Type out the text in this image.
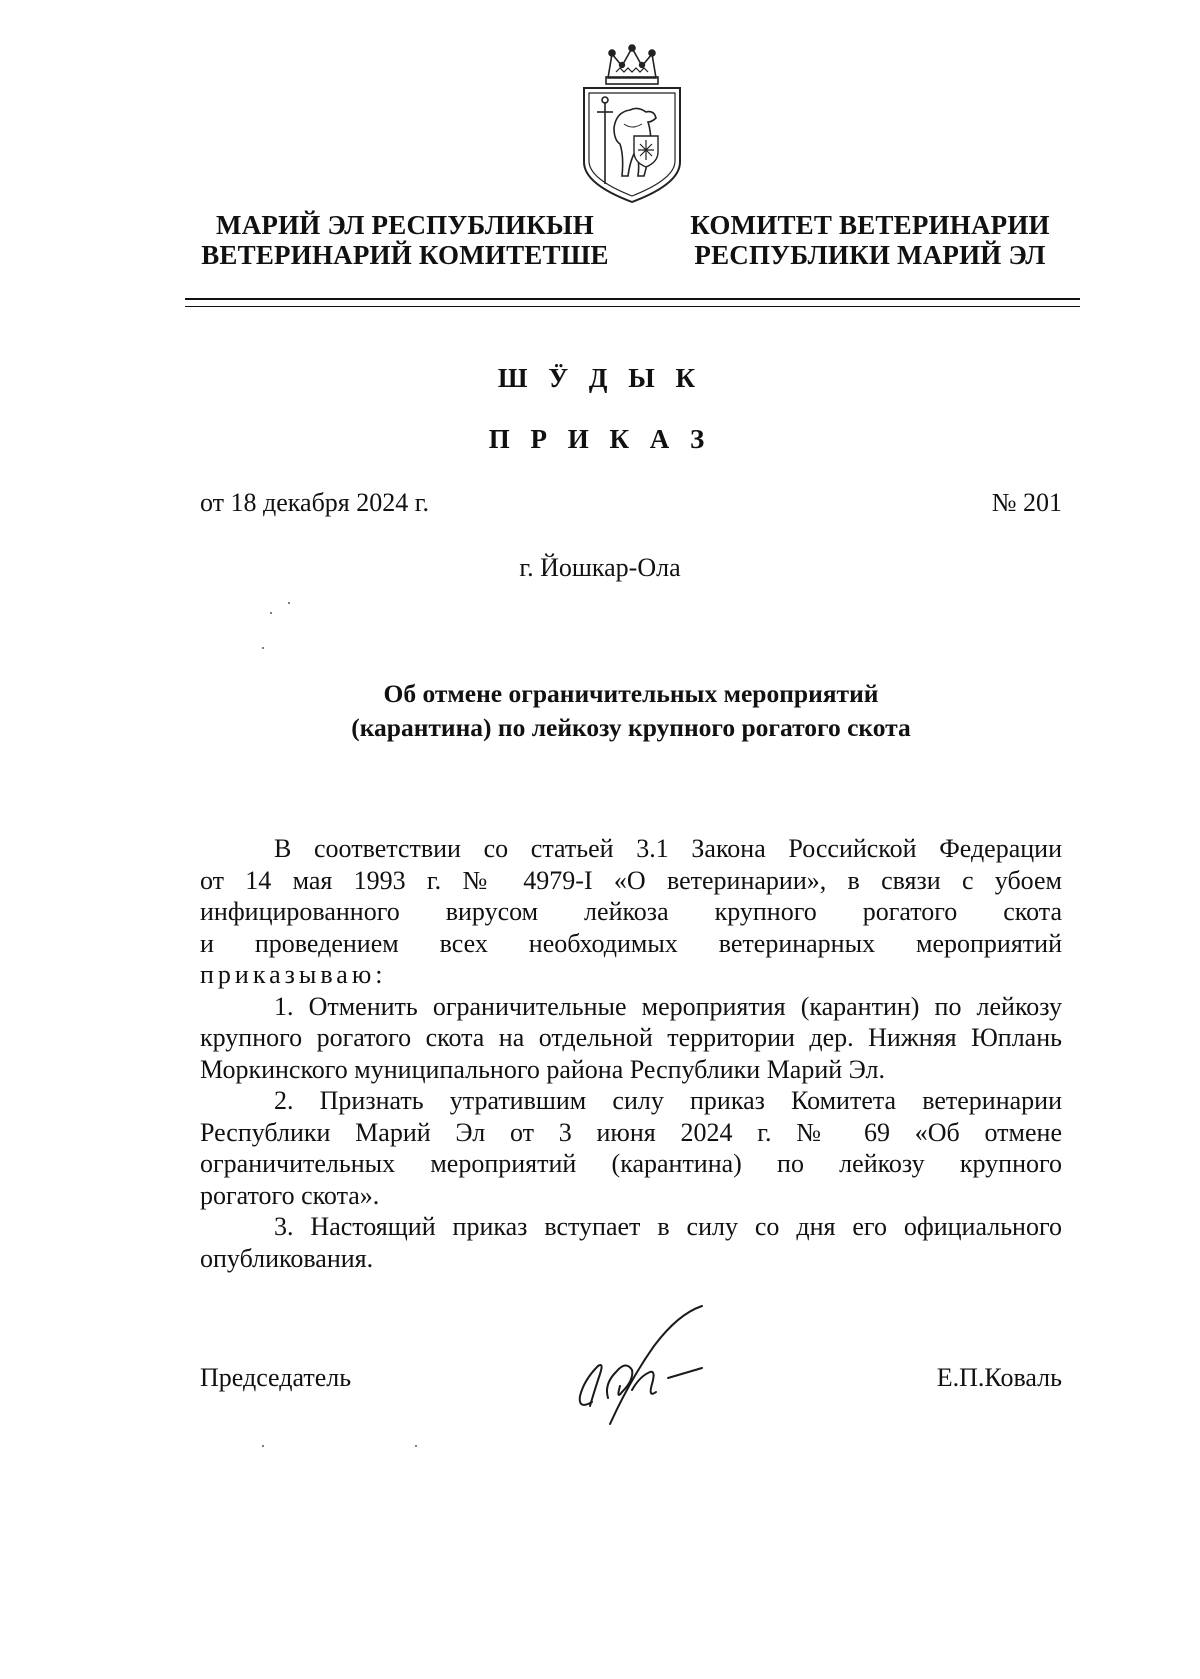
МАРИЙ ЭЛ РЕСПУБЛИКЫН
ВЕТЕРИНАРИЙ КОМИТЕТШЕ
КОМИТЕТ ВЕТЕРИНАРИИ
РЕСПУБЛИКИ МАРИЙ ЭЛ
Ш Ӱ Д Ы К
П Р И К А З
от 18 декабря 2024 г.	№ 201
г. Йошкар-Ола
Об отмене ограничительных мероприятий
(карантина) по лейкозу крупного рогатого скота

В соответствии со статьей 3.1 Закона Российской Федерации

от 14 мая 1993 г. № 4979-I «О ветеринарии», в связи с убоем

инфицированного вирусом лейкоза крупного рогатого скота

и проведением всех необходимых ветеринарных мероприятий

приказываю:

1. Отменить ограничительные мероприятия (карантин) по лейкозу

крупного рогатого скота на отдельной территории дер. Нижняя Юплань

Моркинского муниципального района Республики Марий Эл.

2. Признать утратившим силу приказ Комитета ветеринарии

Республики Марий Эл от 3 июня 2024 г. № 69 «Об отмене

ограничительных мероприятий (карантина) по лейкозу крупного

рогатого скота».

3. Настоящий приказ вступает в силу со дня его официального

опубликования.

Председатель	Е.П.Коваль
